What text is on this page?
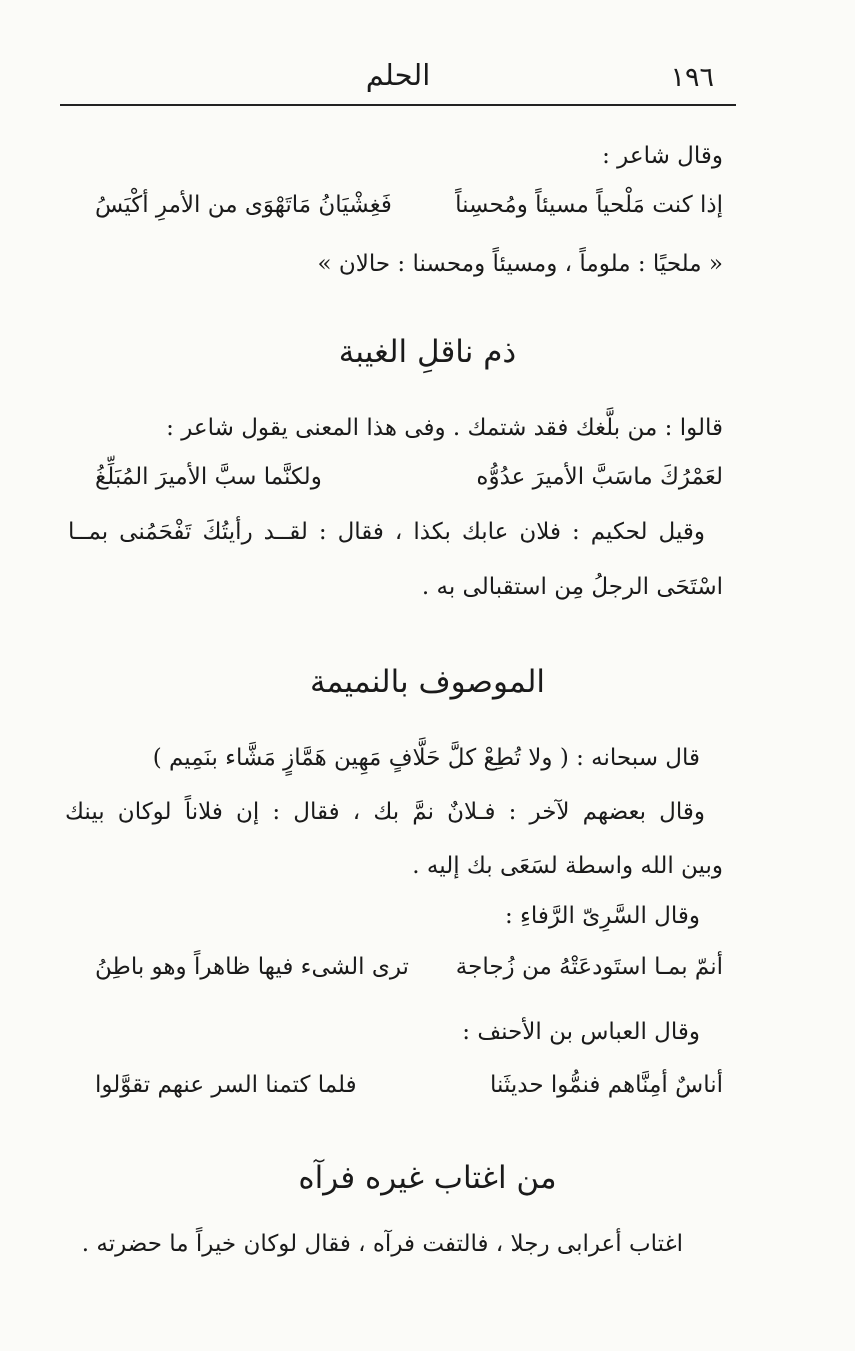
الحلم	١٩٦
وقال شاعر :
إذا كنت مَلْحياً مسيئاً ومُحسِناً
فَغِشْيَانُ مَاتَهْوَى من الأمرِ أكْيَسُ
« ملحيًا : ملوماً ، ومسيئاً ومحسنا : حالان »
ذم ناقلِ الغيبة
قالوا : من بلَّغك فقد شتمك . وفى هذا المعنى يقول شاعر :
لعَمْرُكَ ماسَبَّ الأميرَ عدُوُّه
ولكنَّما سبَّ الأميرَ المُبَلِّغُ
وقيل لحكيم : فلان عابك بكذا ، فقال : لقــد رأيتُكَ تَفْحَمُنى بمــا
اسْتَحَى الرجلُ مِن استقبالى به .
الموصوف بالنميمة
قال سبحانه : ( ولا تُطِعْ كلَّ حَلَّافٍ مَهِين هَمَّازٍ مَشَّاء بنَمِيم )
وقال بعضهم لآخر : فـلانٌ نمَّ بك ، فقال : إن فلاناً لوكان بينك
وبين الله واسطة لسَعَى بك إليه .
وقال السَّرِىّ الرَّفاءِ :
أنمّ بمـا استَودعَتْهُ من زُجاجة
ترى الشىء فيها ظاهراً وهو باطِنُ
وقال العباس بن الأحنف :
أناسٌ أمِنَّاهم فنمُّوا حديثَنا
فلما كتمنا السر عنهم تقوَّلوا
من اغتاب غيره فرآه
اغتاب أعرابى رجلا ، فالتفت فرآه ، فقال لوكان خيراً ما حضرته .
